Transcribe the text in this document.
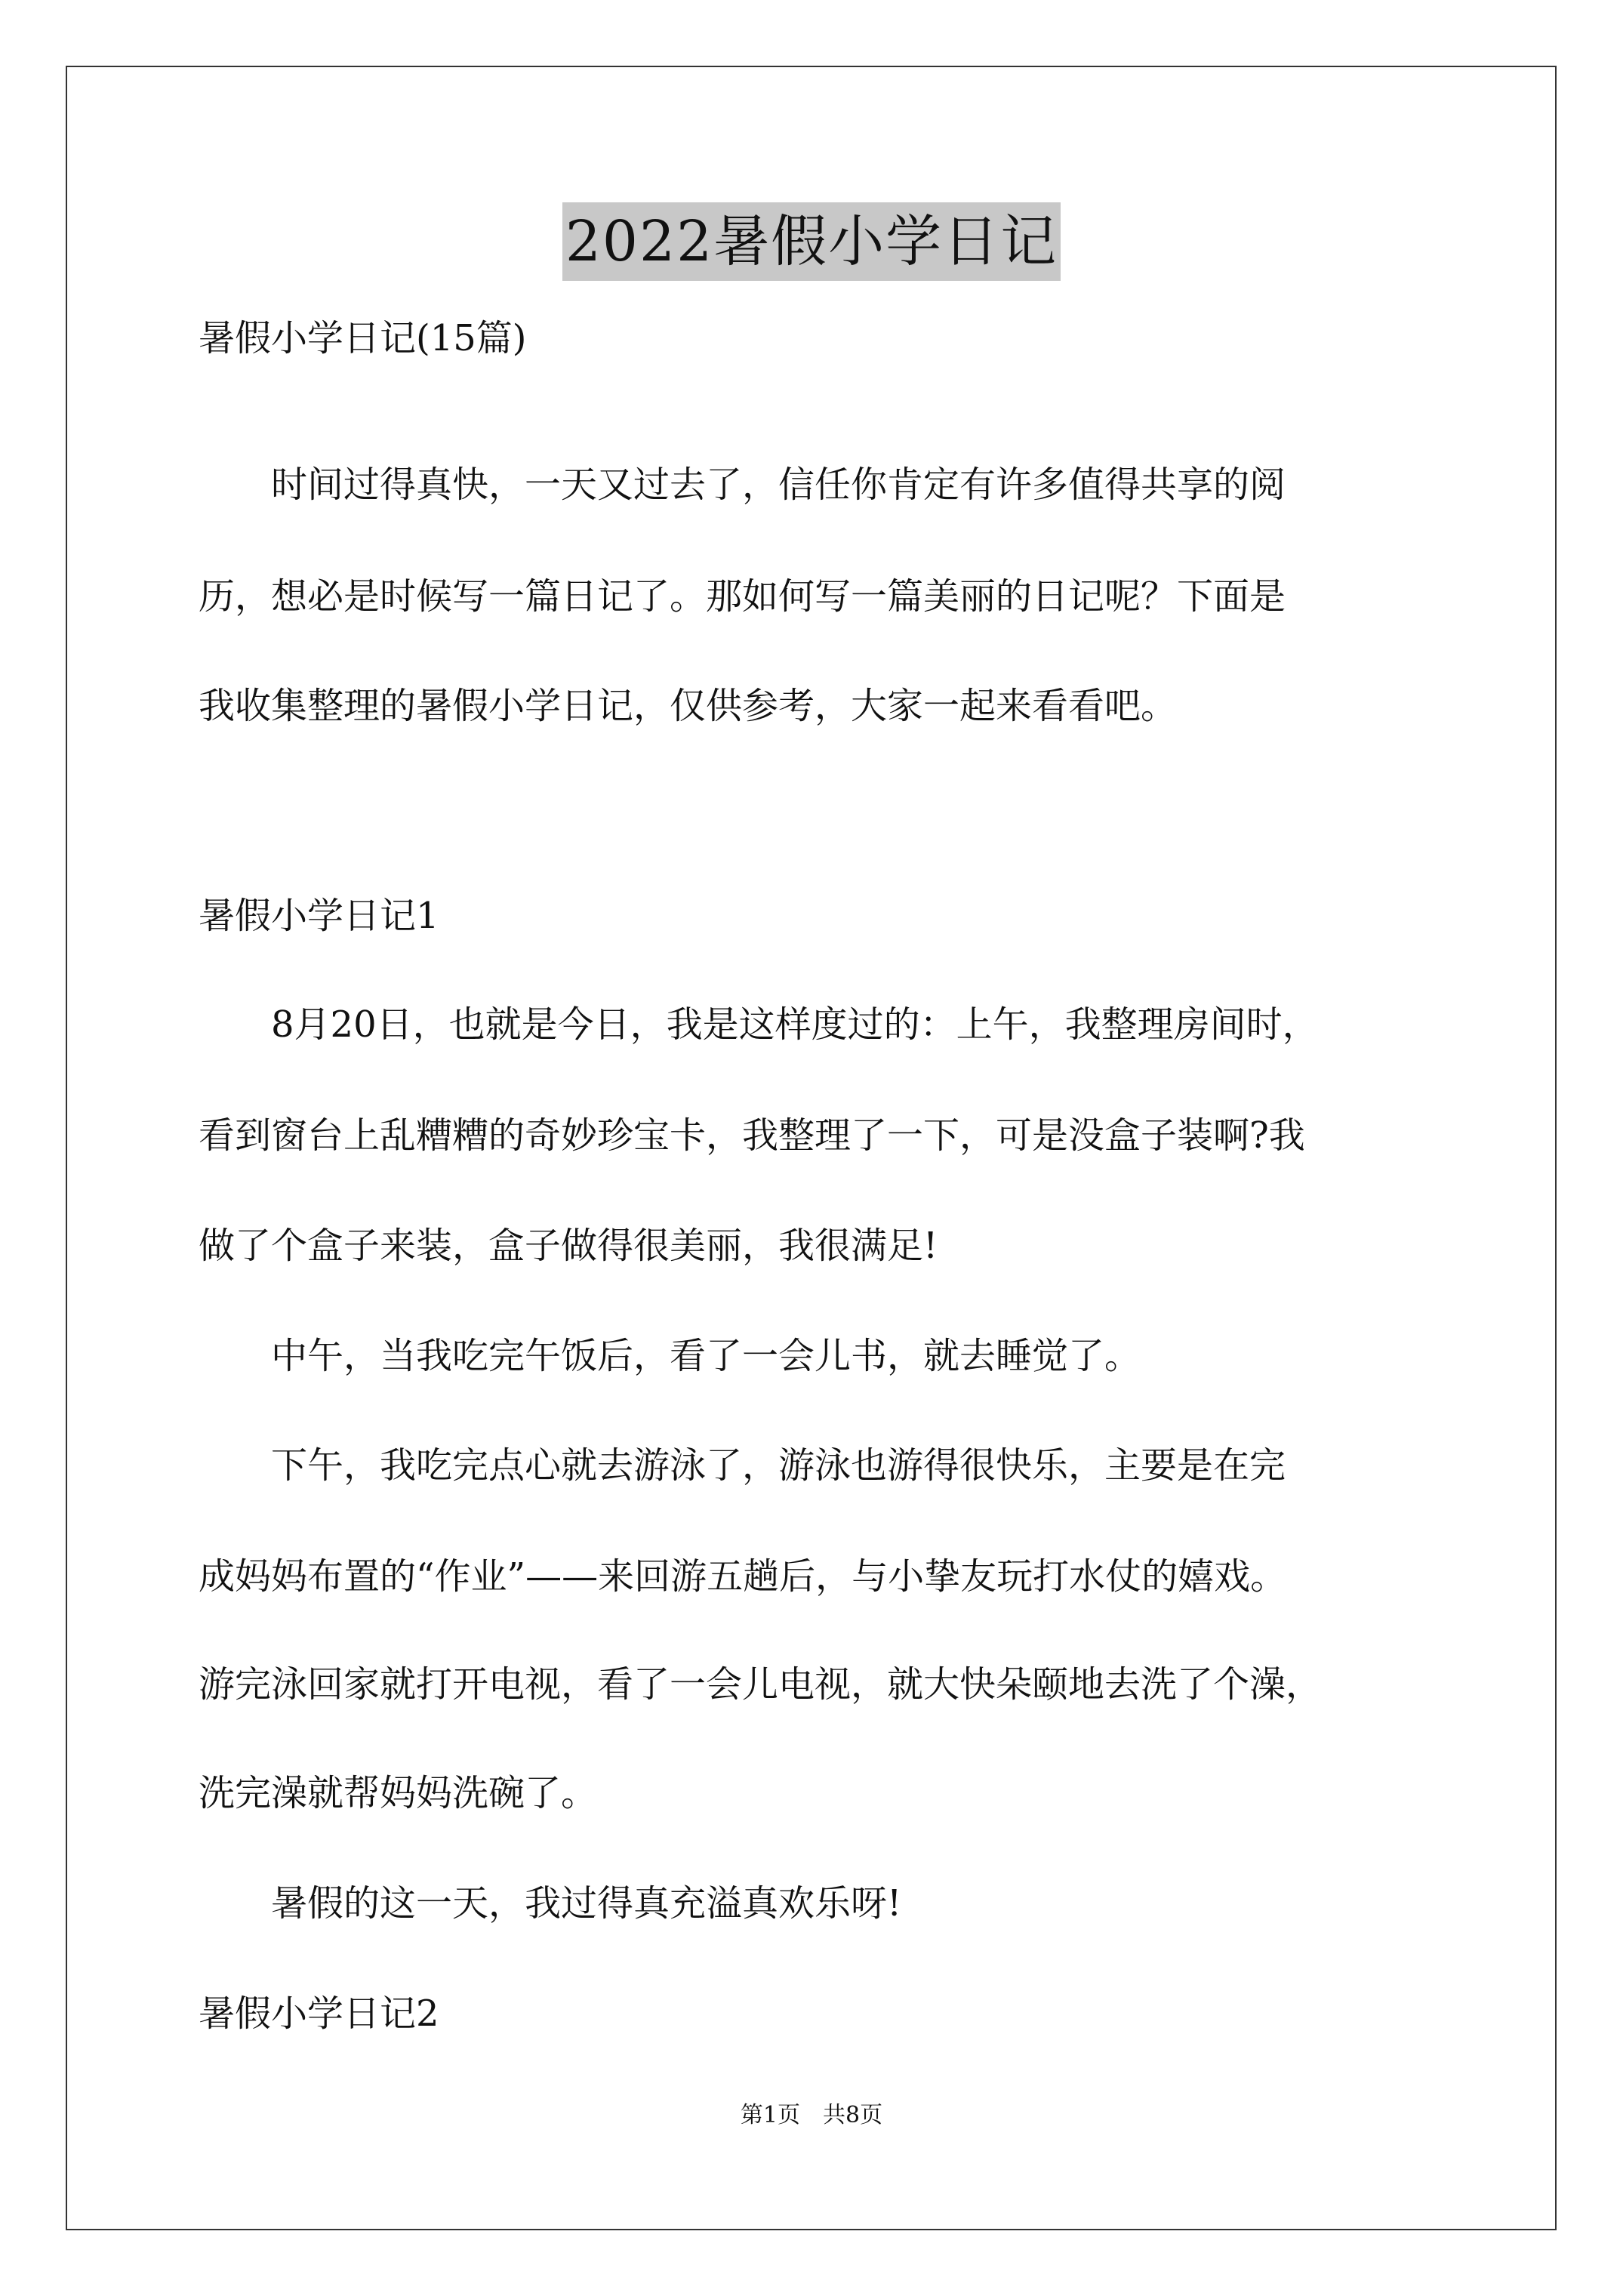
2022暑假小学日记
暑假小学日记(15篇)
　　时间过得真快，一天又过去了，信任你肯定有许多值得共享的阅
历，想必是时候写一篇日记了。那如何写一篇美丽的日记呢？下面是
我收集整理的暑假小学日记，仅供参考，大家一起来看看吧。
暑假小学日记1
　　8月20日，也就是今日，我是这样度过的：上午，我整理房间时，
看到窗台上乱糟糟的奇妙珍宝卡，我整理了一下，可是没盒子装啊?我
做了个盒子来装，盒子做得很美丽，我很满足!
　　中午，当我吃完午饭后，看了一会儿书，就去睡觉了。
　　下午，我吃完点心就去游泳了，游泳也游得很快乐，主要是在完
成妈妈布置的“作业”——来回游五趟后，与小挚友玩打水仗的嬉戏。
游完泳回家就打开电视，看了一会儿电视，就大快朵颐地去洗了个澡，
洗完澡就帮妈妈洗碗了。
　　暑假的这一天，我过得真充溢真欢乐呀!
暑假小学日记2
第1页　共8页
